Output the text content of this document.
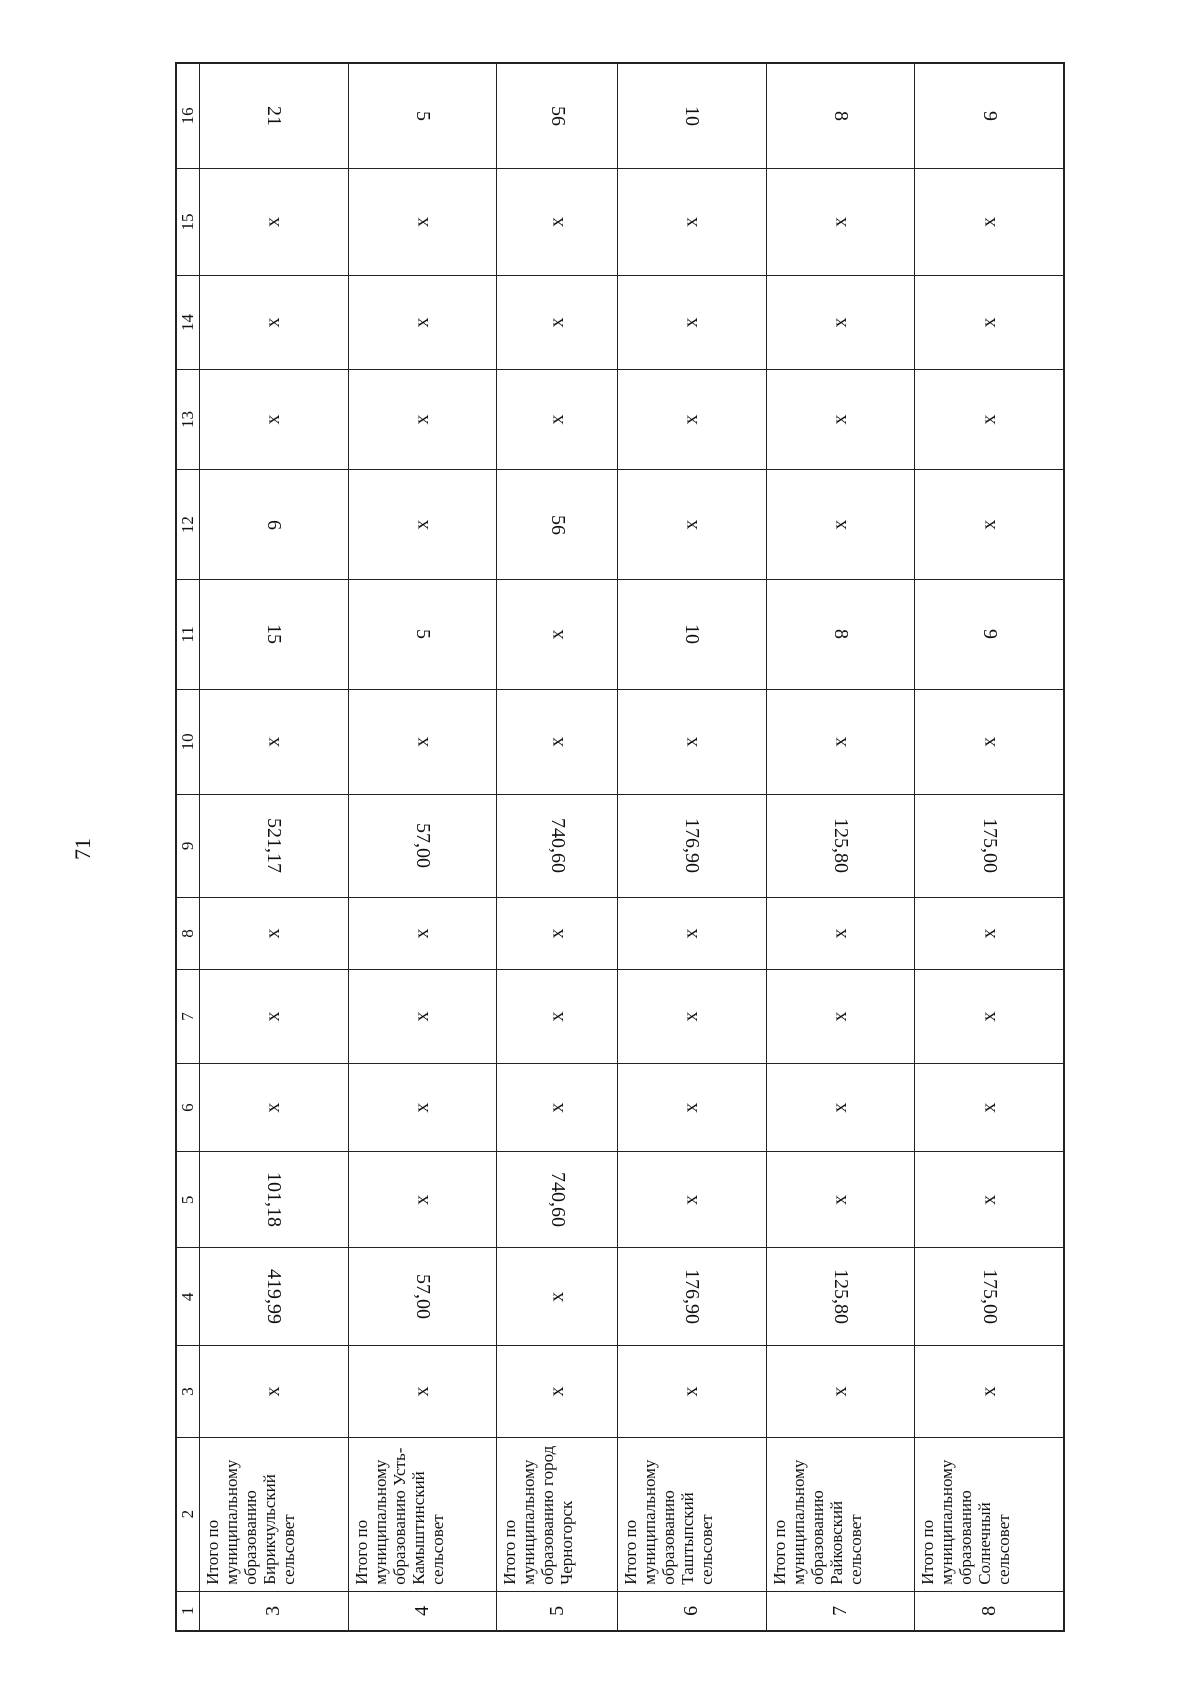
71
1	2	3	4	5	6	7	8	9	10	11	12	13	14	15	16
3	Итого по муниципальному образованию Бирикчульский сельсовет	x	419,99	101,18	x	x	x	521,17	x	15	6	x	x	x	21
4	Итого по муниципальному образованию Усть-Камыштинский сельсовет	x	57,00	x	x	x	x	57,00	x	5	x	x	x	x	5
5	Итого по муниципальному образованию город Черногорск	x	x	740,60	x	x	x	740,60	x	x	56	x	x	x	56
6	Итого по муниципальному образованию Таштыпский сельсовет	x	176,90	x	x	x	x	176,90	x	10	x	x	x	x	10
7	Итого по муниципальному образованию Райковский сельсовет	x	125,80	x	x	x	x	125,80	x	8	x	x	x	x	8
8	Итого по муниципальному образованию Солнечный сельсовет	x	175,00	x	x	x	x	175,00	x	9	x	x	x	x	9
